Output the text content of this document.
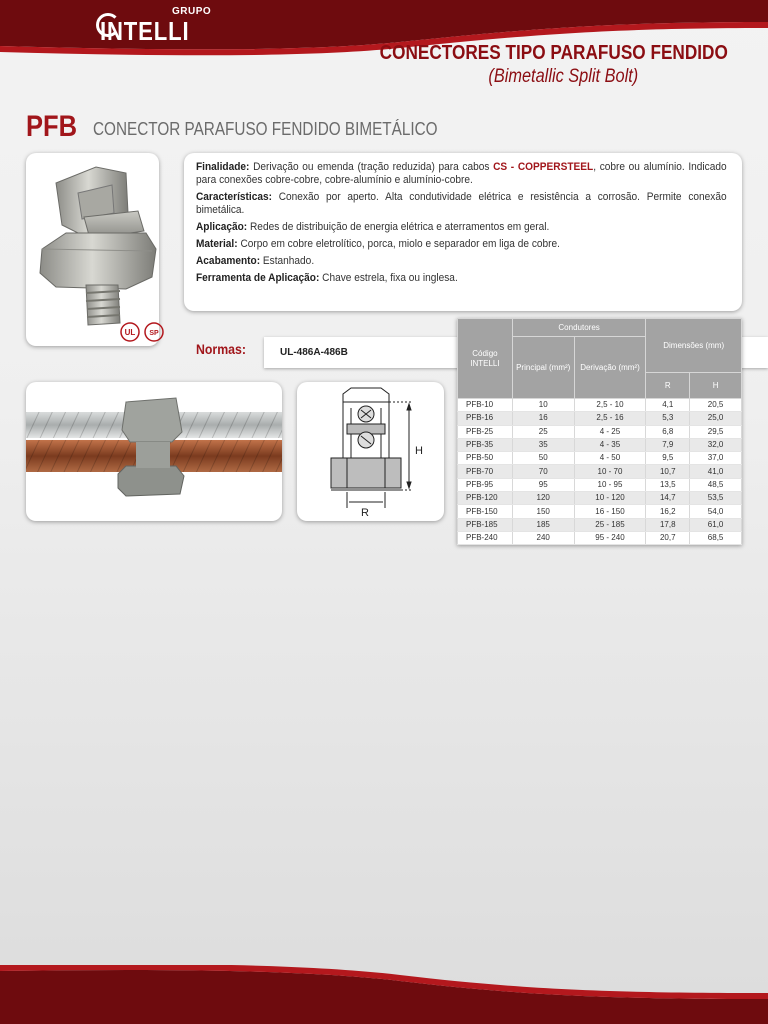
GRUPO
INTELLI
CONECTORES TIPO PARAFUSO FENDIDO
(Bimetallic Split Bolt)
PFB CONECTOR PARAFUSO FENDIDO BIMETÁLICO
UL SP

Finalidade: Derivação ou emenda (tração reduzida) para cabos CS - COPPERSTEEL, cobre ou alumínio. Indicado para conexões cobre-cobre, cobre-alumínio e alumínio-cobre.

Características: Conexão por aperto. Alta condutividade elétrica e resistência a corrosão. Permite conexão bimetálica.

Aplicação: Redes de distribuição de energia elétrica e aterramentos em geral.

Material: Corpo em cobre eletrolítico, porca, miolo e separador em liga de cobre.

Acabamento: Estanhado.

Ferramenta de Aplicação: Chave estrela, fixa ou inglesa.

Normas:	UL-486A-486B
H
R
Código INTELLI	Condutores		Dimensões (mm)	
	Principal (mm²)	Derivação (mm²)		
			R	H
PFB-10	10	2,5 - 10	4,1	20,5
PFB-16	16	2,5 - 16	5,3	25,0
PFB-25	25	4 - 25	6,8	29,5
PFB-35	35	4 - 35	7,9	32,0
PFB-50	50	4 - 50	9,5	37,0
PFB-70	70	10 - 70	10,7	41,0
PFB-95	95	10 - 95	13,5	48,5
PFB-120	120	10 - 120	14,7	53,5
PFB-150	150	16 - 150	16,2	54,0
PFB-185	185	25 - 185	17,8	61,0
PFB-240	240	95 - 240	20,7	68,5
